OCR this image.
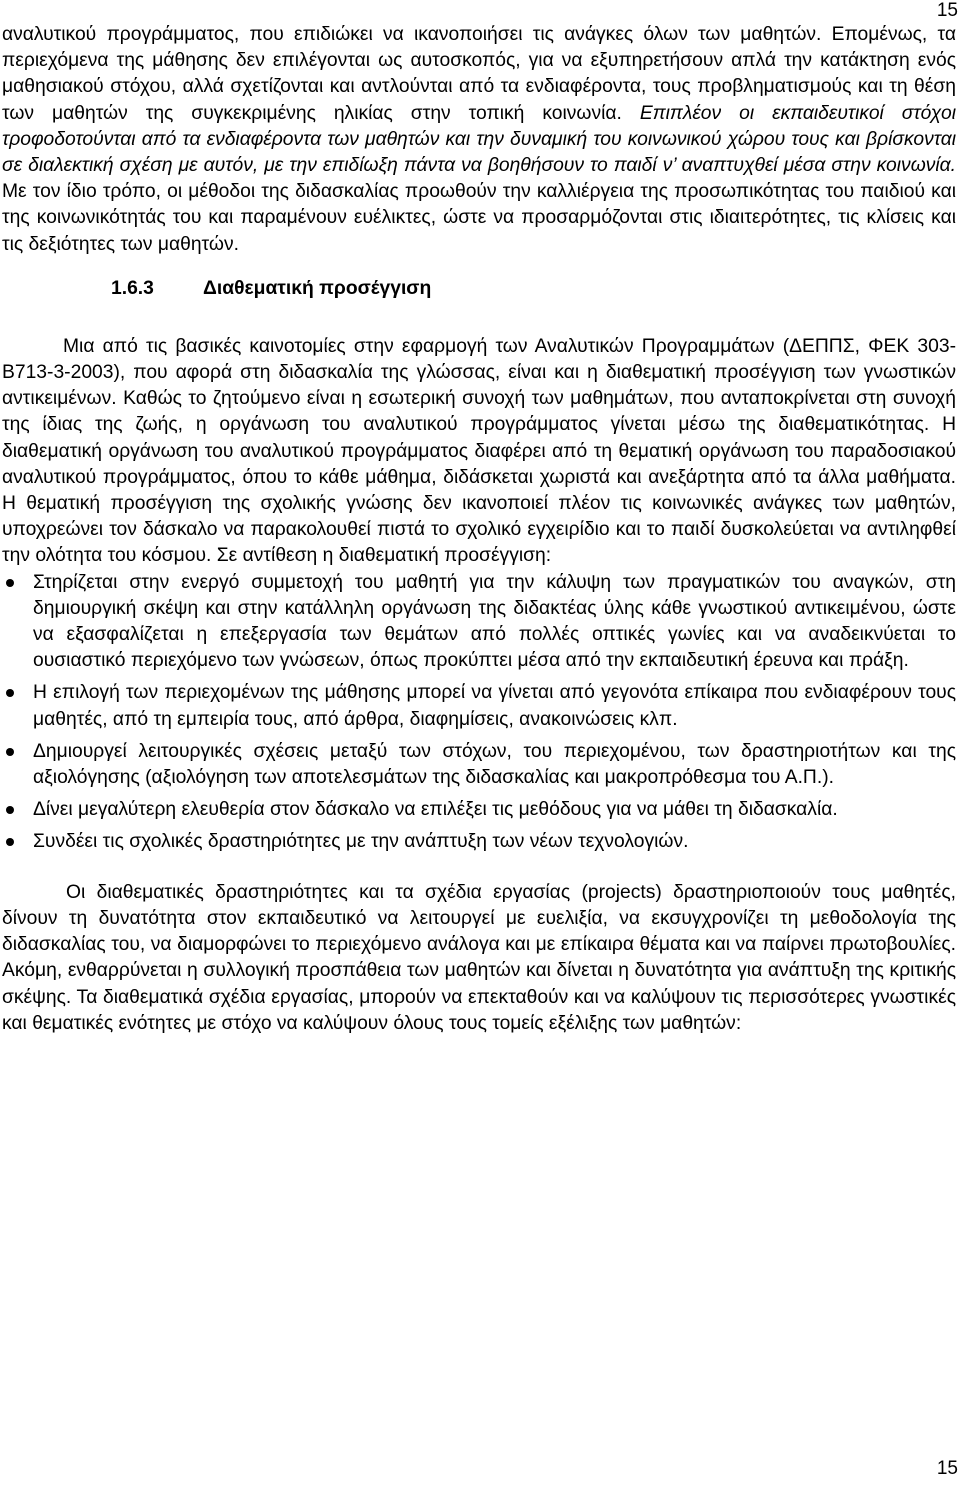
15

αναλυτικού προγράμματος, που επιδιώκει να ικανοποιήσει τις ανάγκες όλων των μαθητών. Επομένως, τα περιεχόμενα της μάθησης δεν επιλέγονται ως αυτοσκοπός, για να εξυπηρετήσουν απλά την κατάκτηση ενός μαθησιακού στόχου, αλλά σχετίζονται και αντλούνται από τα ενδιαφέροντα, τους προβληματισμούς και τη θέση των μαθητών της συγκεκριμένης ηλικίας στην τοπική κοινωνία. Επιπλέον οι εκπαιδευτικοί στόχοι τροφοδοτούνται από τα ενδιαφέροντα των μαθητών και την δυναμική του κοινωνικού χώρου τους και βρίσκονται σε διαλεκτική σχέση με αυτόν, με την επιδίωξη πάντα να βοηθήσουν το παιδί ν’ αναπτυχθεί μέσα στην κοινωνία. Με τον ίδιο τρόπο, οι μέθοδοι της διδασκαλίας προωθούν την καλλιέργεια της προσωπικότητας του παιδιού και της κοινωνικότητάς του και παραμένουν ευέλικτες, ώστε να προσαρμόζονται στις ιδιαιτερότητες, τις κλίσεις και τις δεξιότητες των μαθητών.

1.6.3	Διαθεματική προσέγγιση

Μια από τις βασικές καινοτομίες στην εφαρμογή των Αναλυτικών Προγραμμάτων (ΔΕΠΠΣ, ΦΕΚ 303-Β713-3-2003), που αφορά στη διδασκαλία της γλώσσας, είναι και η διαθεματική προσέγγιση των γνωστικών αντικειμένων. Καθώς το ζητούμενο είναι η εσωτερική συνοχή των μαθημάτων, που ανταποκρίνεται στη συνοχή της ίδιας της ζωής, η οργάνωση του αναλυτικού προγράμματος γίνεται μέσω της διαθεματικότητας. Η διαθεματική οργάνωση του αναλυτικού προγράμματος διαφέρει από τη θεματική οργάνωση του παραδοσιακού αναλυτικού προγράμματος, όπου το κάθε μάθημα, διδάσκεται χωριστά και ανεξάρτητα από τα άλλα μαθήματα. Η θεματική προσέγγιση της σχολικής γνώσης δεν ικανοποιεί πλέον τις κοινωνικές ανάγκες των μαθητών, υποχρεώνει τον δάσκαλο να παρακολουθεί πιστά το σχολικό εγχειρίδιο και το παιδί δυσκολεύεται να αντιληφθεί την ολότητα του κόσμου. Σε αντίθεση η διαθεματική προσέγγιση:

Στηρίζεται στην ενεργό συμμετοχή του μαθητή για την κάλυψη των πραγματικών του αναγκών, στη δημιουργική σκέψη και στην κατάλληλη οργάνωση της διδακτέας ύλης κάθε γνωστικού αντικειμένου, ώστε να εξασφαλίζεται η επεξεργασία των θεμάτων από πολλές οπτικές γωνίες και να αναδεικνύεται το ουσιαστικό περιεχόμενο των γνώσεων, όπως προκύπτει μέσα από την εκπαιδευτική έρευνα και πράξη.
Η επιλογή των περιεχομένων της μάθησης μπορεί να γίνεται από γεγονότα επίκαιρα που ενδιαφέρουν τους μαθητές, από τη εμπειρία τους, από άρθρα, διαφημίσεις, ανακοινώσεις κλπ.
Δημιουργεί λειτουργικές σχέσεις μεταξύ των στόχων, του περιεχομένου, των δραστηριοτήτων και της αξιολόγησης (αξιολόγηση των αποτελεσμάτων της διδασκαλίας και μακροπρόθεσμα του Α.Π.).
Δίνει μεγαλύτερη ελευθερία στον δάσκαλο να επιλέξει τις μεθόδους για να μάθει τη διδασκαλία.
Συνδέει τις σχολικές δραστηριότητες με την ανάπτυξη των νέων τεχνολογιών.

Οι διαθεματικές δραστηριότητες και τα σχέδια εργασίας (projects) δραστηριοποιούν τους μαθητές, δίνουν τη δυνατότητα στον εκπαιδευτικό να λειτουργεί με ευελιξία, να εκσυγχρονίζει τη μεθοδολογία της διδασκαλίας του, να διαμορφώνει το περιεχόμενο ανάλογα και με επίκαιρα θέματα και να παίρνει πρωτοβουλίες. Ακόμη, ενθαρρύνεται η συλλογική προσπάθεια των μαθητών και δίνεται η δυνατότητα για ανάπτυξη της κριτικής σκέψης. Τα διαθεματικά σχέδια εργασίας, μπορούν να επεκταθούν και να καλύψουν τις περισσότερες γνωστικές και θεματικές ενότητες με στόχο να καλύψουν όλους τους τομείς εξέλιξης των μαθητών:

15
